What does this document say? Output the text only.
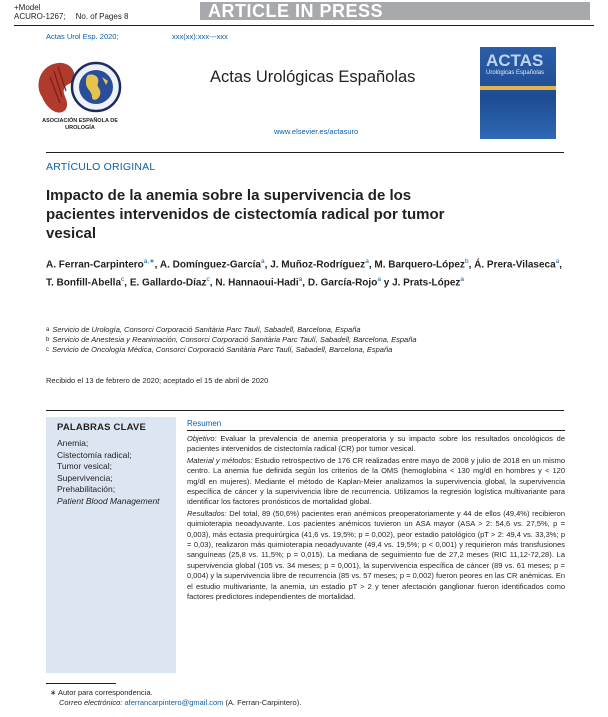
+Model
ACURO-1267; No. of Pages 8	ARTICLE IN PRESS
Actas Urol Esp. 2020;	xxx(xx):xxx---xxx
ASOCIACIÓN ESPAÑOLA DE UROLOGÍA
Actas Urológicas Españolas
www.elsevier.es/actasuro
ACTAS
Urológicas Españolas
ARTÍCULO ORIGINAL
Impacto de la anemia sobre la supervivencia de los pacientes intervenidos de cistectomía radical por tumor vesical
A. Ferran-Carpintero$^{a,∗}$, A. Domínguez-García$^a$, J. Muñoz-Rodríguez$^a$, M. Barquero-López$^b$, Á. Prera-Vilaseca$^a$, T. Bonfill-Abella$^c$, E. Gallardo-Díaz$^c$, N. Hannaoui-Hadi$^a$, D. García-Rojo$^a$ y J. Prats-López$^a$
$^a$ Servicio de Urología, Consorci Corporació Sanitària Parc Taulí, Sabadell, Barcelona, España
$^b$ Servicio de Anestesia y Reanimación, Consorci Corporació Sanitària Parc Taulí, Sabadell, Barcelona, España
$^c$ Servicio de Oncología Médica, Consorci Corporació Sanitària Parc Taulí, Sabadell, Barcelona, España
Recibido el 13 de febrero de 2020; aceptado el 15 de abril de 2020
PALABRAS CLAVE
Anemia;
Cistectomía radical;
Tumor vesical;
Supervivencia;
Prehabilitación;
Patient Blood Management
Resumen

Objetivo: Evaluar la prevalencia de anemia preoperatoria y su impacto sobre los resultados oncológicos de pacientes intervenidos de cistectomía radical (CR) por tumor vesical.

Material y métodos: Estudio retrospectivo de 176 CR realizadas entre mayo de 2008 y julio de 2018 en un mismo centro. La anemia fue definida según los criterios de la OMS (hemoglobina < 130 mg/dl en hombres y < 120 mg/dl en mujeres). Mediante el método de Kaplan-Meier analizamos la supervivencia global, la supervivencia específica de cáncer y la supervivencia libre de recurrencia. Utilizamos la regresión logística multivariante para identificar los factores pronósticos de mortalidad global.

Resultados: Del total, 89 (50,6%) pacientes eran anémicos preoperatoriamente y 44 de ellos (49,4%) recibieron quimioterapia neoadyuvante. Los pacientes anémicos tuvieron un ASA mayor (ASA > 2: 54,6 vs. 27,5%, p = 0,003), más ectasia prequirúrgica (41,6 vs. 19,5%; p = 0,002), peor estadio patológico (pT > 2: 49,4 vs. 33,3%; p = 0,03), realizaron más quimioterapia neoadyuvante (49,4 vs. 19,5%; p < 0,001) y requirieron más transfusiones sanguíneas (25,8 vs. 11,5%; p = 0,015). La mediana de seguimiento fue de 27,2 meses (RIC 11,12-72,28). La supervivencia global (105 vs. 34 meses; p = 0,001), la supervivencia específica de cáncer (89 vs. 61 meses; p = 0,004) y la supervivencia libre de recurrencia (85 vs. 57 meses; p = 0,002) fueron peores en las CR anémicas. En el estudio multivariante, la anemia, un estadio pT > 2 y tener afectación ganglionar fueron identificados como factores predictores independientes de mortalidad.

∗ Autor para correspondencia.
Correo electrónico: aferrancarpintero@gmail.com (A. Ferran-Carpintero).
